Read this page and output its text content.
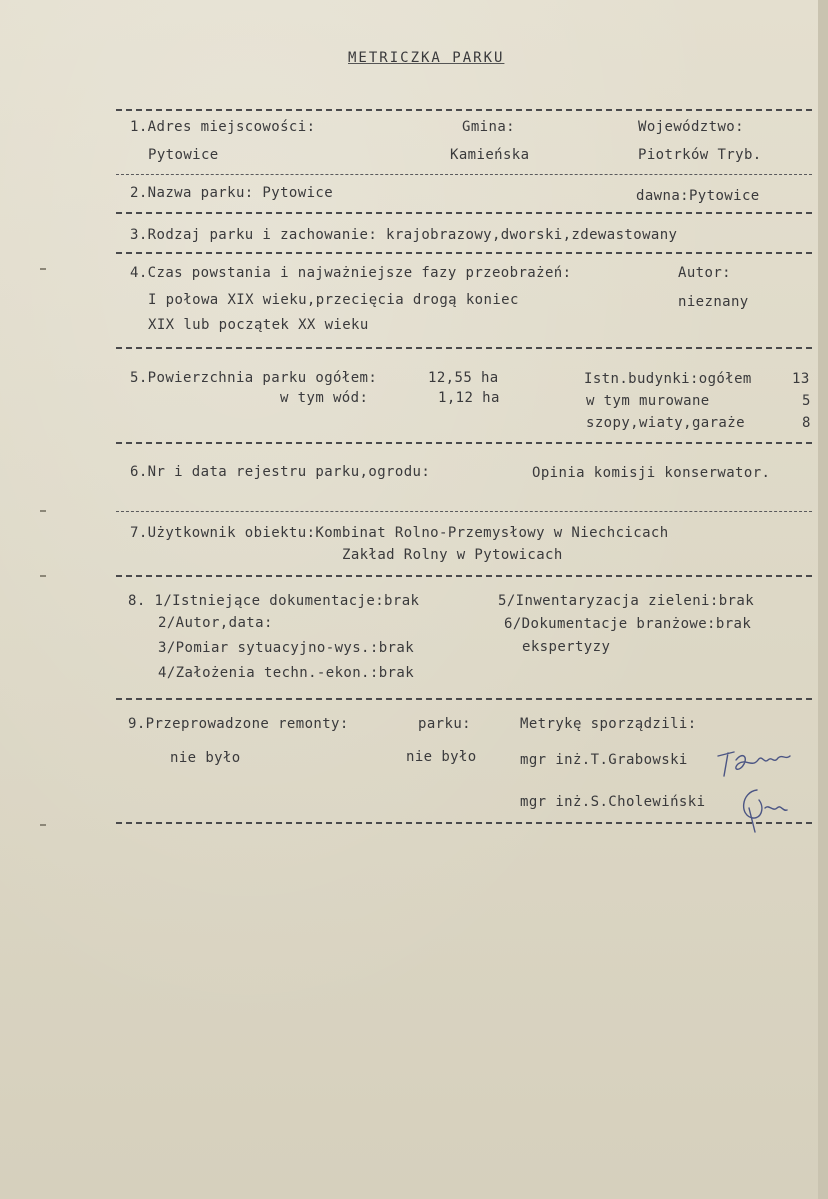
METRICZKA PARKU
1.Adres miejscowości:	Gmina:	Województwo:
Pytowice	Kamieńska	Piotrków Tryb.
2.Nazwa parku: Pytowice	dawna:Pytowice
3.Rodzaj parku i zachowanie: krajobrazowy,dworski,zdewastowany
4.Czas powstania i najważniejsze fazy przeobrażeń:	Autor:
I połowa XIX wieku,przecięcia drogą koniec	nieznany
XIX lub początek XX wieku
5.Powierzchnia parku ogółem:	12,55 ha
w tym wód:	1,12 ha
Istn.budynki:ogółem	13
w tym murowane	5
szopy,wiaty,garaże	8
6.Nr i data rejestru parku,ogrodu:	Opinia komisji konserwator.
7.Użytkownik obiektu:Kombinat Rolno-Przemysłowy w Niechcicach
Zakład Rolny w Pytowicach
8. 1/Istniejące dokumentacje:brak
2/Autor,data:
3/Pomiar sytuacyjno-wys.:brak
4/Założenia techn.-ekon.:brak
5/Inwentaryzacja zieleni:brak
6/Dokumentacje branżowe:brak
ekspertyzy
9.Przeprowadzone remonty:	parku:	Metrykę sporządzili:
nie było	nie było	mgr inż.T.Grabowski
mgr inż.S.Cholewiński
